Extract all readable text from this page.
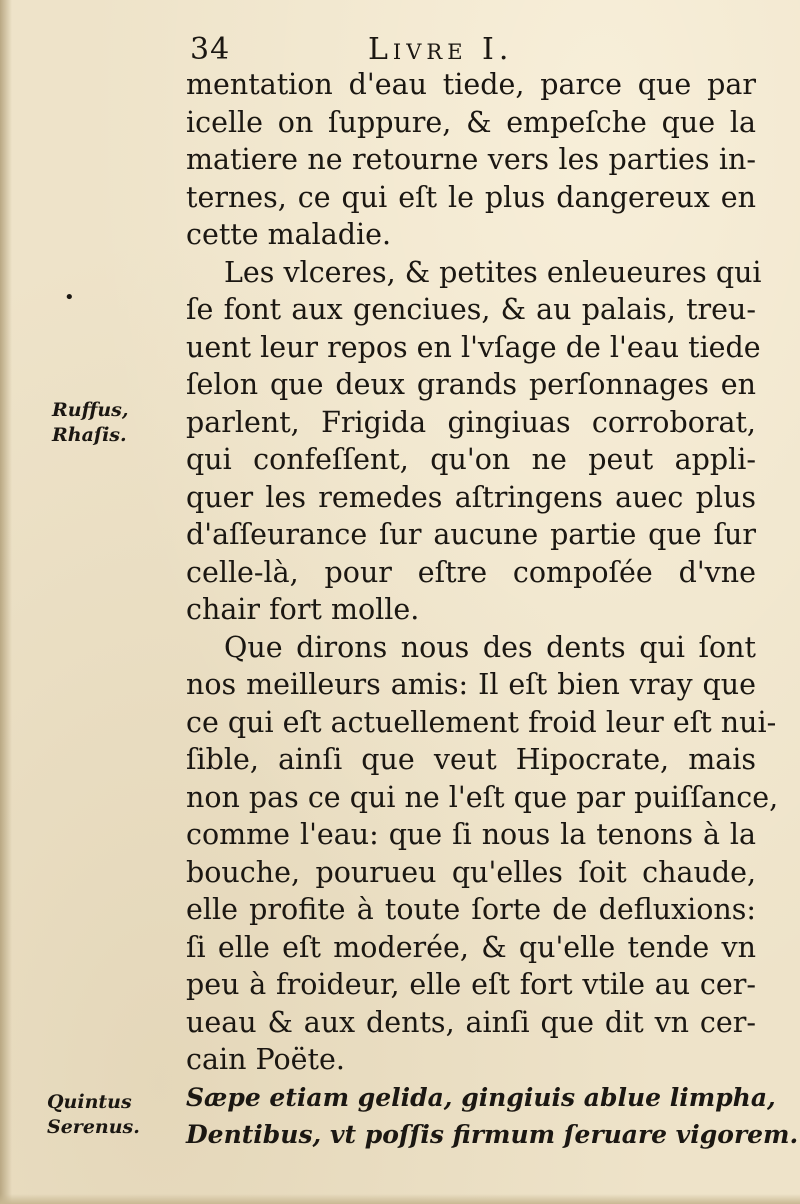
34	Livre I.
•
Ruffus,
Rhaſis.
Quintus
Serenus.
mentation d'eau tiede, parce que par
icelle on ſuppure, & empeſche que la
matiere ne retourne vers les parties in-
ternes, ce qui eſt le plus dangereux en
cette maladie.
Les vlceres, & petites enleueures qui
ſe font aux genciues, & au palais, treu-
uent leur repos en l'vſage de l'eau tiede
ſelon que deux grands perſonnages en
parlent, Frigida gingiuas corroborat,
qui confeſſent, qu'on ne peut appli-
quer les remedes aſtringens auec plus
d'aſſeurance ſur aucune partie que ſur
celle-là, pour eſtre compoſée d'vne
chair fort molle.
Que dirons nous des dents qui ſont
nos meilleurs amis: Il eſt bien vray que
ce qui eſt actuellement froid leur eſt nui-
ſible, ainſi que veut Hipocrate, mais
non pas ce qui ne l'eſt que par puiſſance,
comme l'eau: que ſi nous la tenons à la
bouche, pourueu qu'elles ſoit chaude,
elle profite à toute ſorte de defluxions:
ſi elle eſt moderée, & qu'elle tende vn
peu à froideur, elle eſt fort vtile au cer-
ueau & aux dents, ainſi que dit vn cer-
cain Poëte.
Sæpe etiam gelida, gingiuis ablue limpha,
Dentibus, vt poſſis firmum ſeruare vigorem.
